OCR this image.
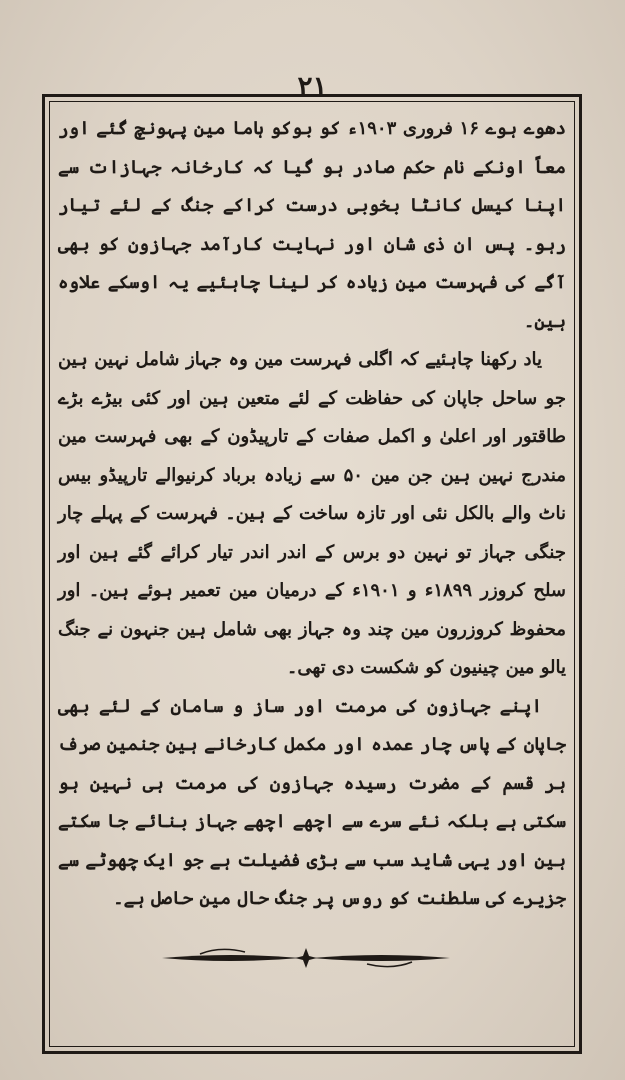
۲۱

دھوے ہوے ۱۶ فروری ۱۹۰۳ء کو بوکو ہاما مین پہونچ گئے اور معاً اونکے نام حکم صادر ہو گیا کہ کارخانہ جہازات سے اپنا کیسل کانٹا بخوبی درست کراکے جنگ کے لئے تیار رہو۔ پس ان ذی شان اور نہایت کارآمد جہازون کو بھی آگے کی فہرست مین زیادہ کر لینا چاہئیے یہ اوسکے علاوہ ہین۔

یاد رکھنا چاہئیے کہ اگلی فہرست مین وہ جہاز شامل نہین ہین جو ساحل جاپان کی حفاظت کے لئے متعین ہین اور کئی بیڑے بڑے طاقتور اور اعلیٰ و اکمل صفات کے تارپیڈون کے بھی فہرست مین مندرج نہین ہین جن مین ۵۰ سے زیادہ برباد کرنیوالے تارپیڈو بیس ناٹ والے بالکل نئی اور تازہ ساخت کے ہین۔ فہرست کے پہلے چار جنگی جہاز تو نہین دو برس کے اندر اندر تیار کرائے گئے ہین اور سلح کروزر ۱۸۹۹ء و ۱۹۰۱ء کے درمیان مین تعمیر ہوئے ہین۔ اور محفوظ کروزرون مین چند وہ جہاز بھی شامل ہین جنہون نے جنگ یالو مین چینیون کو شکست دی تھی۔

اپنے جہازون کی مرمت اور ساز و سامان کے لئے بھی جاپان کے پاس چار عمدہ اور مکمل کارخانے ہین جنمین صرف ہر قسم کے مضرت رسیدہ جہازون کی مرمت ہی نہین ہو سکتی ہے بلکہ نئے سرے سے اچھے اچھے جہاز بنائے جا سکتے ہین اور یہی شاید سب سے بڑی فضیلت ہے جو ایک چھوٹے سے جزیرے کی سلطنت کو روس پر جنگ حال مین حاصل ہے۔
